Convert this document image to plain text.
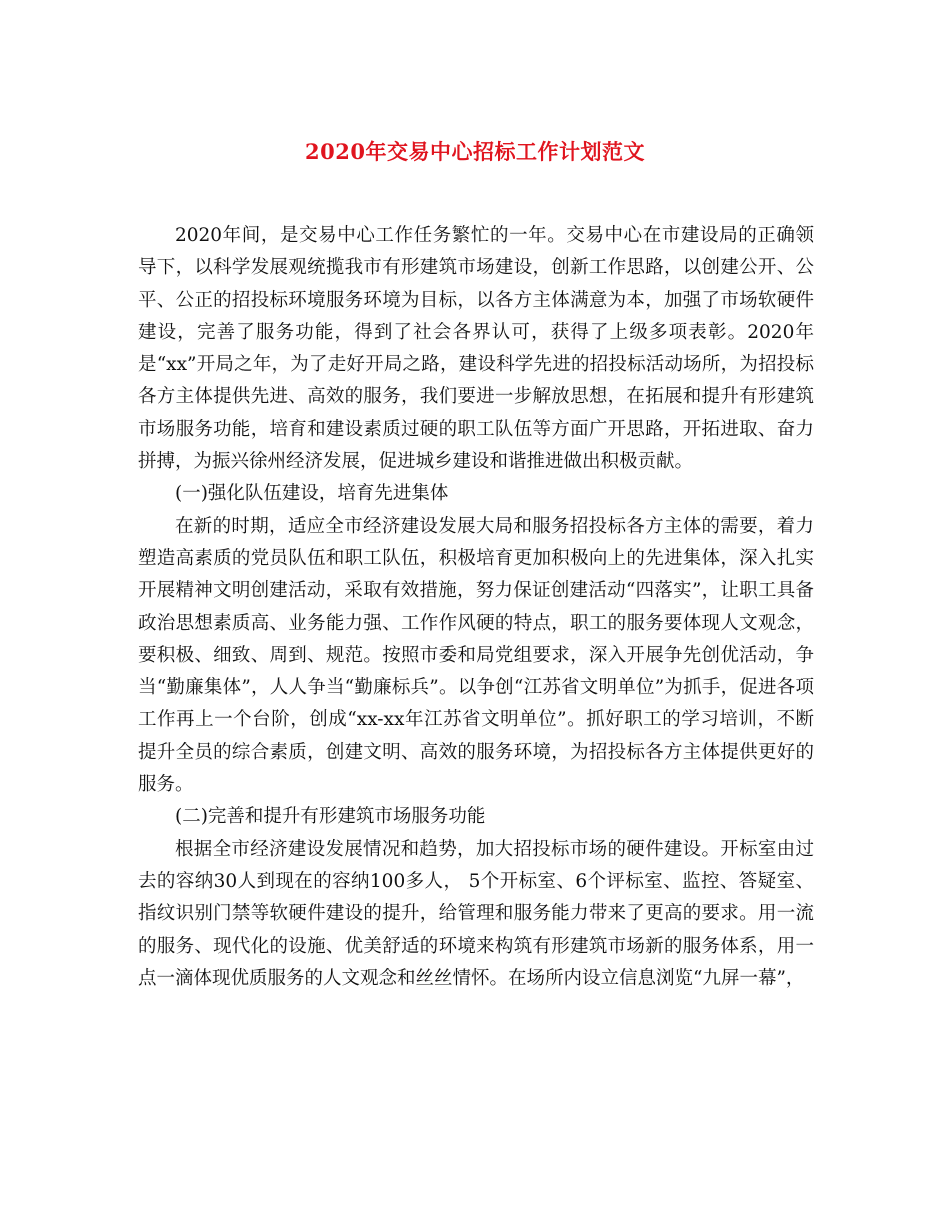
2020年交易中心招标工作计划范文

2020年间，是交易中心工作任务繁忙的一年。交易中心在市建设局的正确领导下，以科学发展观统揽我市有形建筑市场建设，创新工作思路，以创建公开、公平、公正的招投标环境服务环境为目标，以各方主体满意为本，加强了市场软硬件建设，完善了服务功能，得到了社会各界认可，获得了上级多项表彰。2020年是“xx”开局之年，为了走好开局之路，建设科学先进的招投标活动场所，为招投标各方主体提供先进、高效的服务，我们要进一步解放思想，在拓展和提升有形建筑市场服务功能，培育和建设素质过硬的职工队伍等方面广开思路，开拓进取、奋力拼搏，为振兴徐州经济发展，促进城乡建设和谐推进做出积极贡献。

(一)强化队伍建设，培育先进集体

在新的时期，适应全市经济建设发展大局和服务招投标各方主体的需要，着力塑造高素质的党员队伍和职工队伍，积极培育更加积极向上的先进集体，深入扎实开展精神文明创建活动，采取有效措施，努力保证创建活动“四落实”，让职工具备政治思想素质高、业务能力强、工作作风硬的特点，职工的服务要体现人文观念，要积极、细致、周到、规范。按照市委和局党组要求，深入开展争先创优活动，争当“勤廉集体”，人人争当“勤廉标兵”。以争创“江苏省文明单位”为抓手，促进各项工作再上一个台阶，创成“xx-xx年江苏省文明单位”。抓好职工的学习培训，不断提升全员的综合素质，创建文明、高效的服务环境，为招投标各方主体提供更好的服务。

(二)完善和提升有形建筑市场服务功能

根据全市经济建设发展情况和趋势，加大招投标市场的硬件建设。开标室由过去的容纳30人到现在的容纳100多人， 5个开标室、6个评标室、监控、答疑室、指纹识别门禁等软硬件建设的提升，给管理和服务能力带来了更高的要求。用一流的服务、现代化的设施、优美舒适的环境来构筑有形建筑市场新的服务体系，用一点一滴体现优质服务的人文观念和丝丝情怀。在场所内设立信息浏览“九屏一幕”，
